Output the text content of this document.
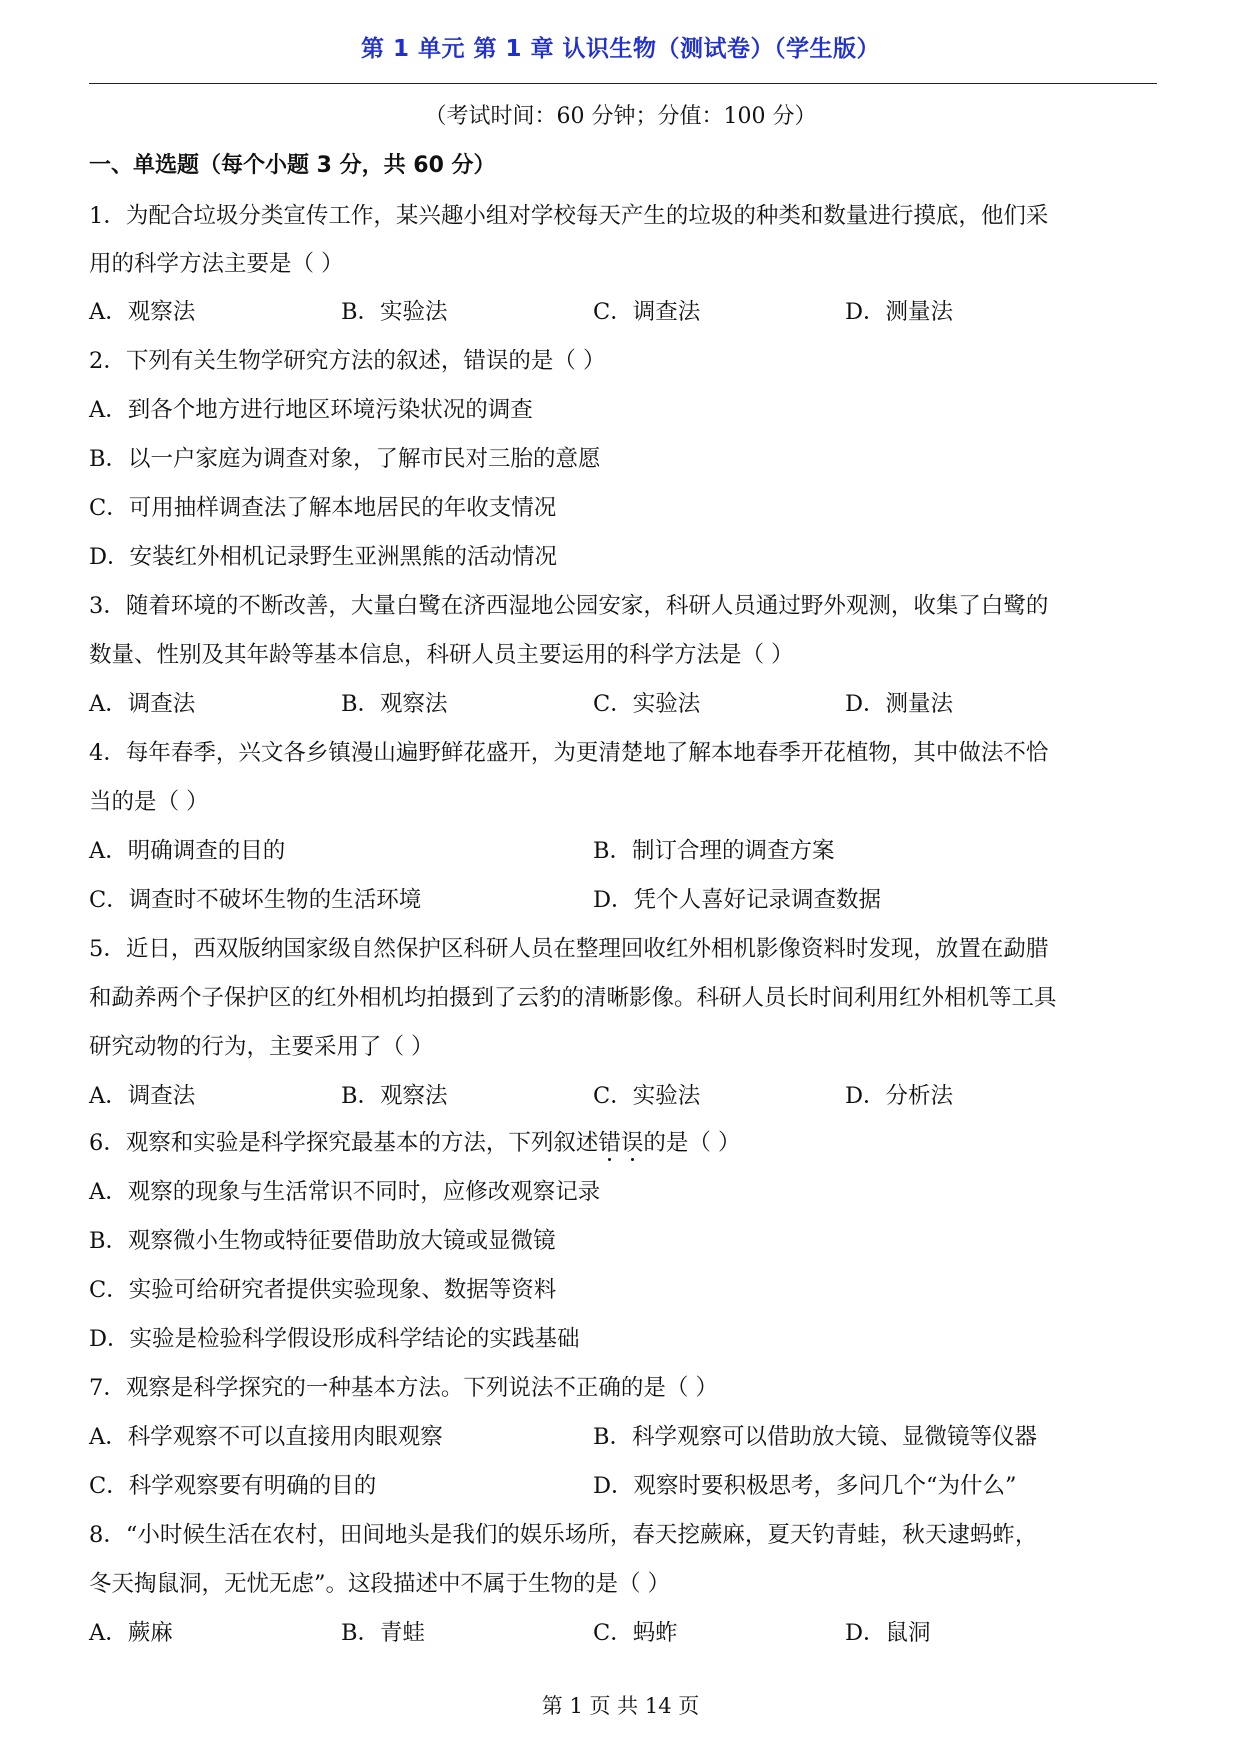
第 1 单元 第 1 章 认识生物（测试卷）（学生版）
（考试时间：60 分钟；分值：100 分）
一、单选题（每个小题 3 分，共 60 分）
1．为配合垃圾分类宣传工作，某兴趣小组对学校每天产生的垃圾的种类和数量进行摸底，他们采
用的科学方法主要是（ ）
A．观察法	B．实验法	C．调查法	D．测量法
2．下列有关生物学研究方法的叙述，错误的是（ ）
A．到各个地方进行地区环境污染状况的调查
B．以一户家庭为调查对象，了解市民对三胎的意愿
C．可用抽样调查法了解本地居民的年收支情况
D．安装红外相机记录野生亚洲黑熊的活动情况
3．随着环境的不断改善，大量白鹭在济西湿地公园安家，科研人员通过野外观测，收集了白鹭的
数量、性别及其年龄等基本信息，科研人员主要运用的科学方法是（ ）
A．调查法	B．观察法	C．实验法	D．测量法
4．每年春季，兴文各乡镇漫山遍野鲜花盛开，为更清楚地了解本地春季开花植物，其中做法不恰
当的是（ ）
A．明确调查的目的	B．制订合理的调查方案
C．调查时不破坏生物的生活环境	D．凭个人喜好记录调查数据
5．近日，西双版纳国家级自然保护区科研人员在整理回收红外相机影像资料时发现，放置在勐腊
和勐养两个子保护区的红外相机均拍摄到了云豹的清晰影像。科研人员长时间利用红外相机等工具
研究动物的行为，主要采用了（ ）
A．调查法	B．观察法	C．实验法	D．分析法
6．观察和实验是科学探究最基本的方法，下列叙述错误的是（ ）
A．观察的现象与生活常识不同时，应修改观察记录
B．观察微小生物或特征要借助放大镜或显微镜
C．实验可给研究者提供实验现象、数据等资料
D．实验是检验科学假设形成科学结论的实践基础
7．观察是科学探究的一种基本方法。下列说法不正确的是（ ）
A．科学观察不可以直接用肉眼观察	B．科学观察可以借助放大镜、显微镜等仪器
C．科学观察要有明确的目的	D．观察时要积极思考，多问几个“为什么”
8．“小时候生活在农村，田间地头是我们的娱乐场所，春天挖蕨麻，夏天钓青蛙，秋天逮蚂蚱，
冬天掏鼠洞，无忧无虑”。这段描述中不属于生物的是（ ）
A．蕨麻	B．青蛙	C．蚂蚱	D．鼠洞
第 1 页 共 14 页
